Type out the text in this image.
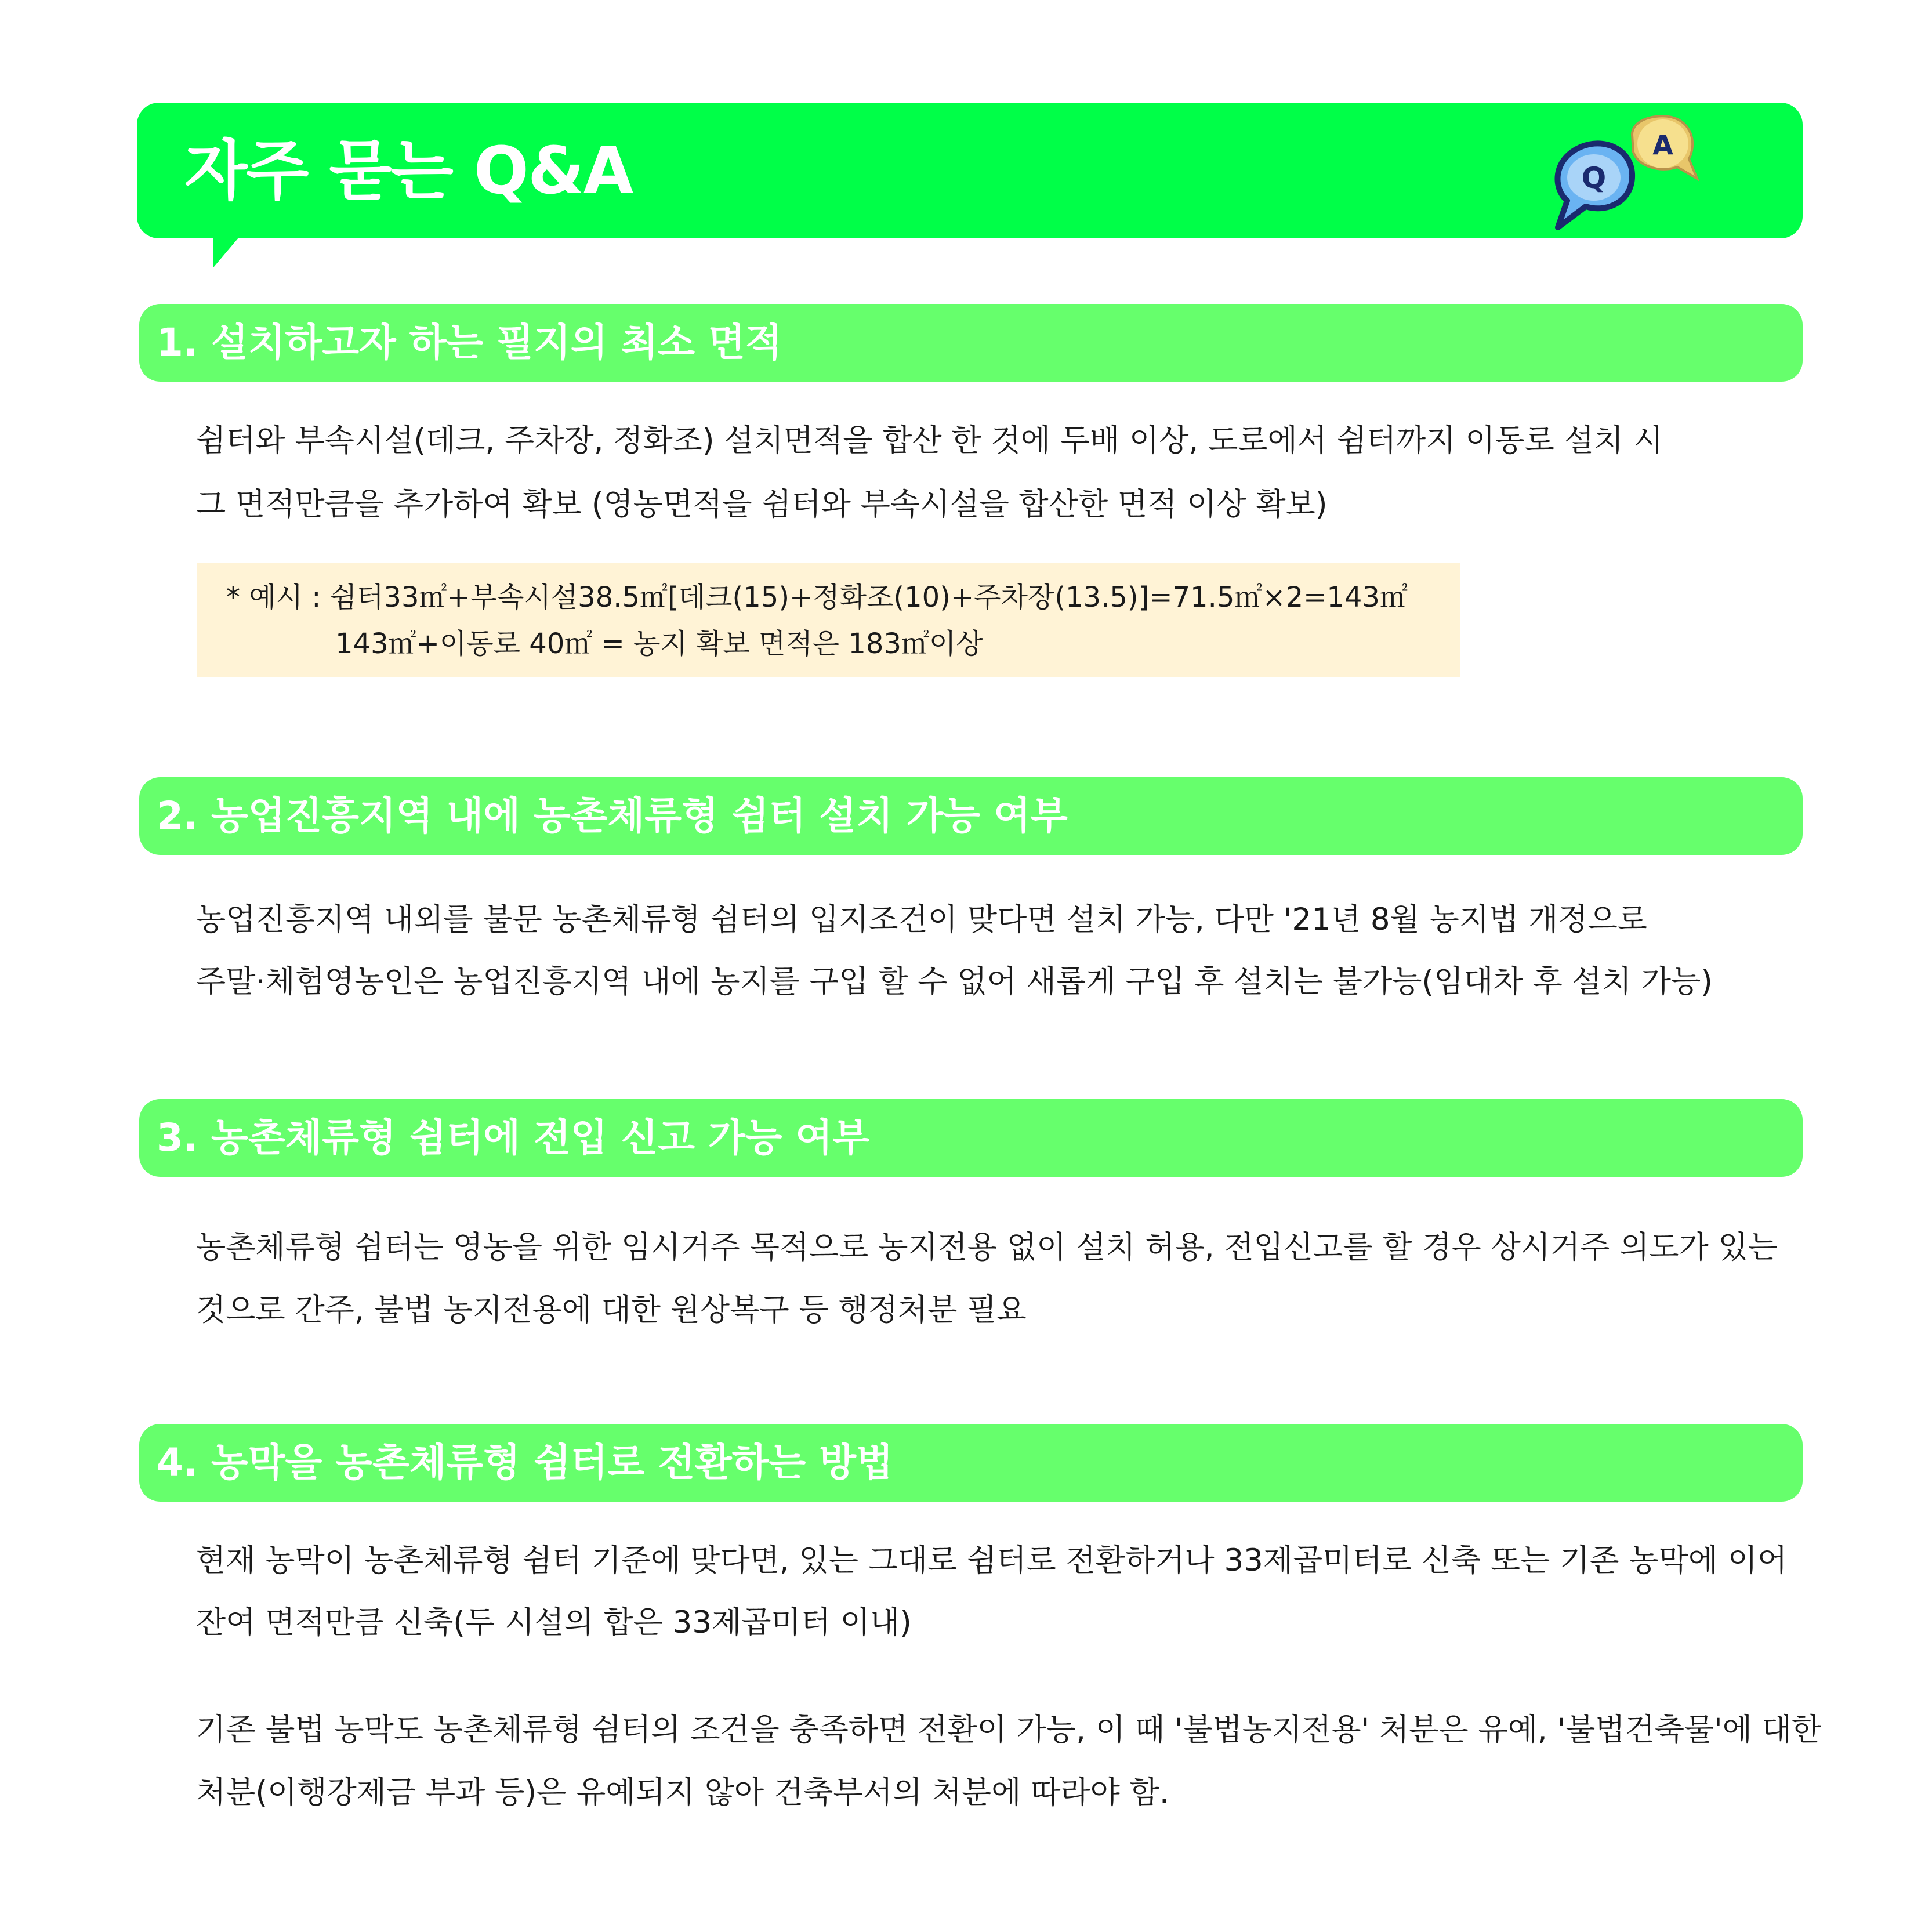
자주 묻는 Q&A	A
Q
1. 설치하고자 하는 필지의 최소 면적
쉼터와 부속시설(데크, 주차장, 정화조) 설치면적을 합산 한 것에 두배 이상, 도로에서 쉼터까지 이동로 설치 시
그 면적만큼을 추가하여 확보 (영농면적을 쉼터와 부속시설을 합산한 면적 이상 확보)
* 예시 : 쉼터33㎡+부속시설38.5㎡[데크(15)+정화조(10)+주차장(13.5)]=71.5㎡×2=143㎡
143㎡+이동로 40㎡ = 농지 확보 면적은 183㎡이상
2. 농업진흥지역 내에 농촌체류형 쉼터 설치 가능 여부
농업진흥지역 내외를 불문 농촌체류형 쉼터의 입지조건이 맞다면 설치 가능, 다만 '21년 8월 농지법 개정으로
주말·체험영농인은 농업진흥지역 내에 농지를 구입 할 수 없어 새롭게 구입 후 설치는 불가능(임대차 후 설치 가능)
3. 농촌체류형 쉼터에 전입 신고 가능 여부
농촌체류형 쉼터는 영농을 위한 임시거주 목적으로 농지전용 없이 설치 허용, 전입신고를 할 경우 상시거주 의도가 있는
것으로 간주, 불법 농지전용에 대한 원상복구 등 행정처분 필요
4. 농막을 농촌체류형 쉼터로 전환하는 방법
현재 농막이 농촌체류형 쉼터 기준에 맞다면, 있는 그대로 쉼터로 전환하거나 33제곱미터로 신축 또는 기존 농막에 이어
잔여 면적만큼 신축(두 시설의 합은 33제곱미터 이내)
기존 불법 농막도 농촌체류형 쉼터의 조건을 충족하면 전환이 가능, 이 때 '불법농지전용' 처분은 유예, '불법건축물'에 대한
처분(이행강제금 부과 등)은 유예되지 않아 건축부서의 처분에 따라야 함.
